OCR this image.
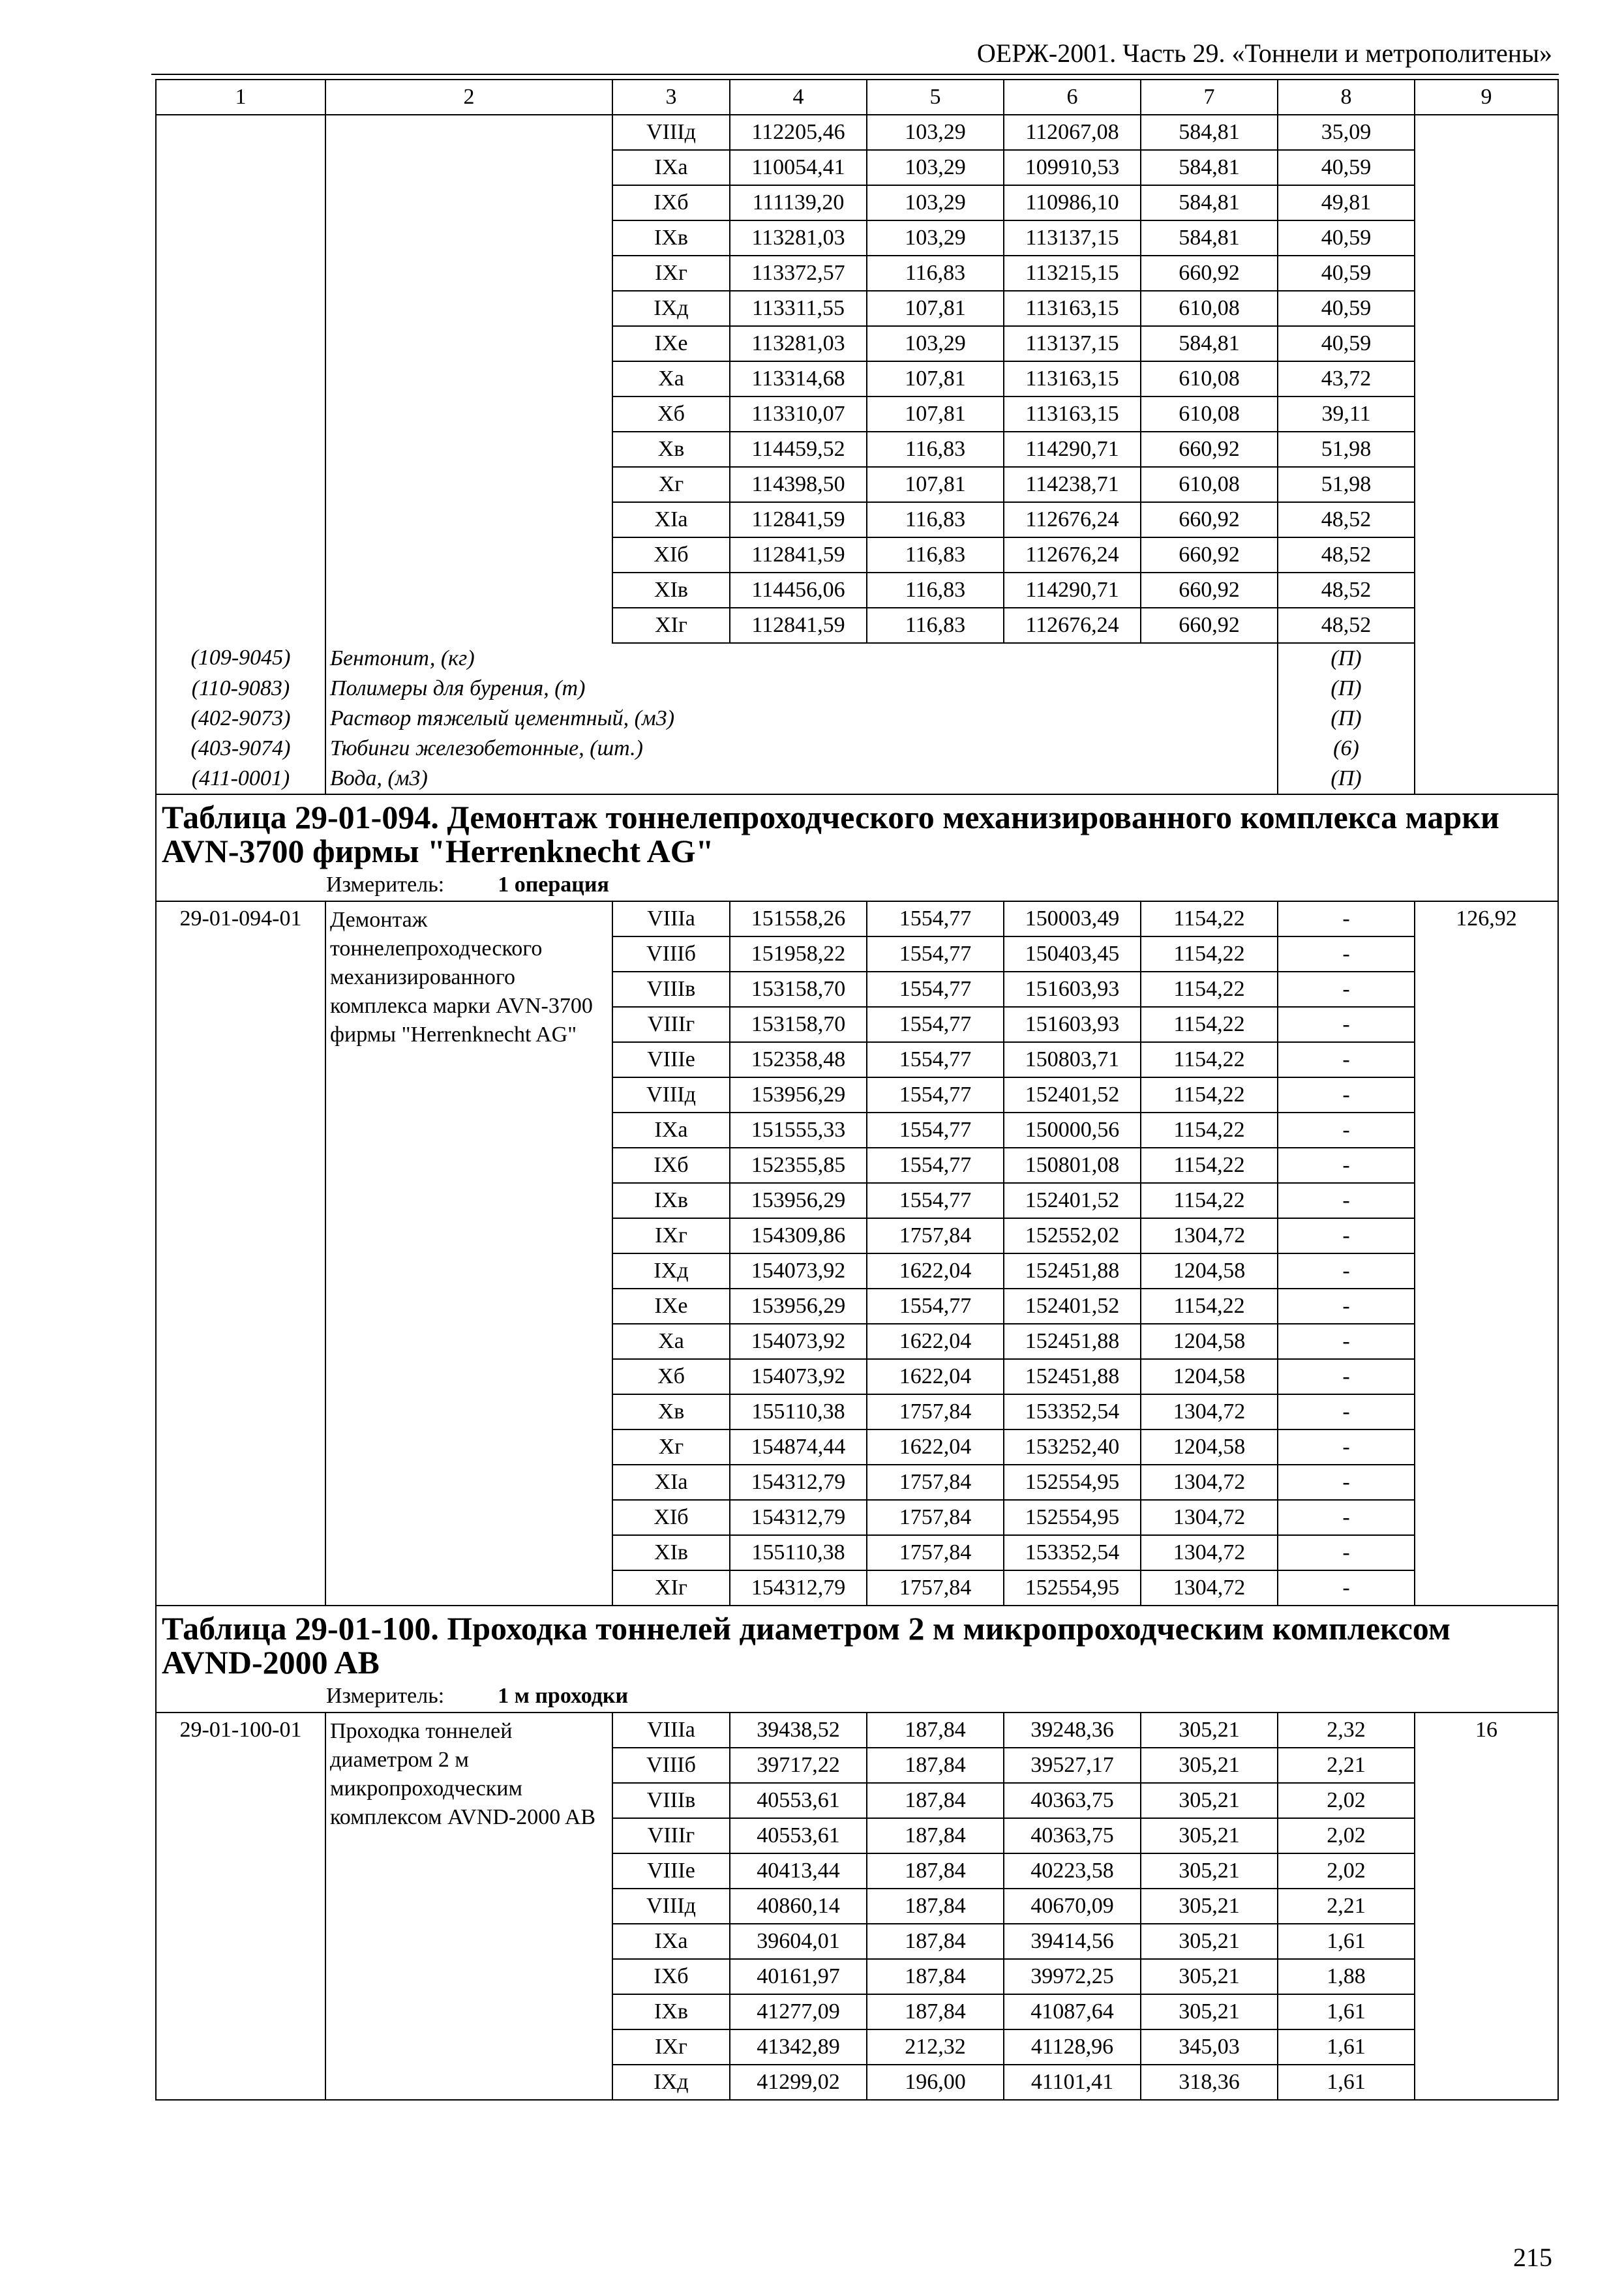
ОЕРЖ-2001. Часть 29. «Тоннели и метрополитены»
1	2	3	4	5	6	7	8	9
		VIIIд	112205,46	103,29	112067,08	584,81	35,09	
		IXа	110054,41	103,29	109910,53	584,81	40,59	
		IXб	111139,20	103,29	110986,10	584,81	49,81	
		IXв	113281,03	103,29	113137,15	584,81	40,59	
		IXг	113372,57	116,83	113215,15	660,92	40,59	
		IXд	113311,55	107,81	113163,15	610,08	40,59	
		IXе	113281,03	103,29	113137,15	584,81	40,59	
		Xа	113314,68	107,81	113163,15	610,08	43,72	
		Xб	113310,07	107,81	113163,15	610,08	39,11	
		Xв	114459,52	116,83	114290,71	660,92	51,98	
		Xг	114398,50	107,81	114238,71	610,08	51,98	
		XIа	112841,59	116,83	112676,24	660,92	48,52	
		XIб	112841,59	116,83	112676,24	660,92	48,52	
		XIв	114456,06	116,83	114290,71	660,92	48,52	
		XIг	112841,59	116,83	112676,24	660,92	48,52	
(109-9045)	Бентонит, (кг)						(П)	
(110-9083)	Полимеры для бурения, (т)						(П)	
(402-9073)	Раствор тяжелый цементный, (м3)						(П)	
(403-9074)	Тюбинги железобетонные, (шт.)						(6)	
(411-0001)	Вода, (м3)						(П)	
Таблица 29-01-094. Демонтаж тоннелепроходческого механизированного комплекса марки AVN-3700 фирмы "Herrenknecht AG"								
Измеритель: 1 операция								
29-01-094-01	Демонтаж тоннелепроходческого механизированного комплекса марки AVN-3700 фирмы "Herrenknecht AG"	VIIIа	151558,26	1554,77	150003,49	1154,22	-	126,92
		VIIIб	151958,22	1554,77	150403,45	1154,22	-	
		VIIIв	153158,70	1554,77	151603,93	1154,22	-	
		VIIIг	153158,70	1554,77	151603,93	1154,22	-	
		VIIIе	152358,48	1554,77	150803,71	1154,22	-	
		VIIIд	153956,29	1554,77	152401,52	1154,22	-	
		IXа	151555,33	1554,77	150000,56	1154,22	-	
		IXб	152355,85	1554,77	150801,08	1154,22	-	
		IXв	153956,29	1554,77	152401,52	1154,22	-	
		IXг	154309,86	1757,84	152552,02	1304,72	-	
		IXд	154073,92	1622,04	152451,88	1204,58	-	
		IXе	153956,29	1554,77	152401,52	1154,22	-	
		Xа	154073,92	1622,04	152451,88	1204,58	-	
		Xб	154073,92	1622,04	152451,88	1204,58	-	
		Xв	155110,38	1757,84	153352,54	1304,72	-	
		Xг	154874,44	1622,04	153252,40	1204,58	-	
		XIа	154312,79	1757,84	152554,95	1304,72	-	
		XIб	154312,79	1757,84	152554,95	1304,72	-	
		XIв	155110,38	1757,84	153352,54	1304,72	-	
		XIг	154312,79	1757,84	152554,95	1304,72	-	
Таблица 29-01-100. Проходка тоннелей диаметром 2 м микропроходческим комплексом AVND-2000 AB								
Измеритель: 1 м проходки								
29-01-100-01	Проходка тоннелей диаметром 2 м микропроходческим комплексом AVND-2000 AB	VIIIа	39438,52	187,84	39248,36	305,21	2,32	16
		VIIIб	39717,22	187,84	39527,17	305,21	2,21	
		VIIIв	40553,61	187,84	40363,75	305,21	2,02	
		VIIIг	40553,61	187,84	40363,75	305,21	2,02	
		VIIIе	40413,44	187,84	40223,58	305,21	2,02	
		VIIIд	40860,14	187,84	40670,09	305,21	2,21	
		IXа	39604,01	187,84	39414,56	305,21	1,61	
		IXб	40161,97	187,84	39972,25	305,21	1,88	
		IXв	41277,09	187,84	41087,64	305,21	1,61	
		IXг	41342,89	212,32	41128,96	345,03	1,61	
		IXд	41299,02	196,00	41101,41	318,36	1,61	
215
